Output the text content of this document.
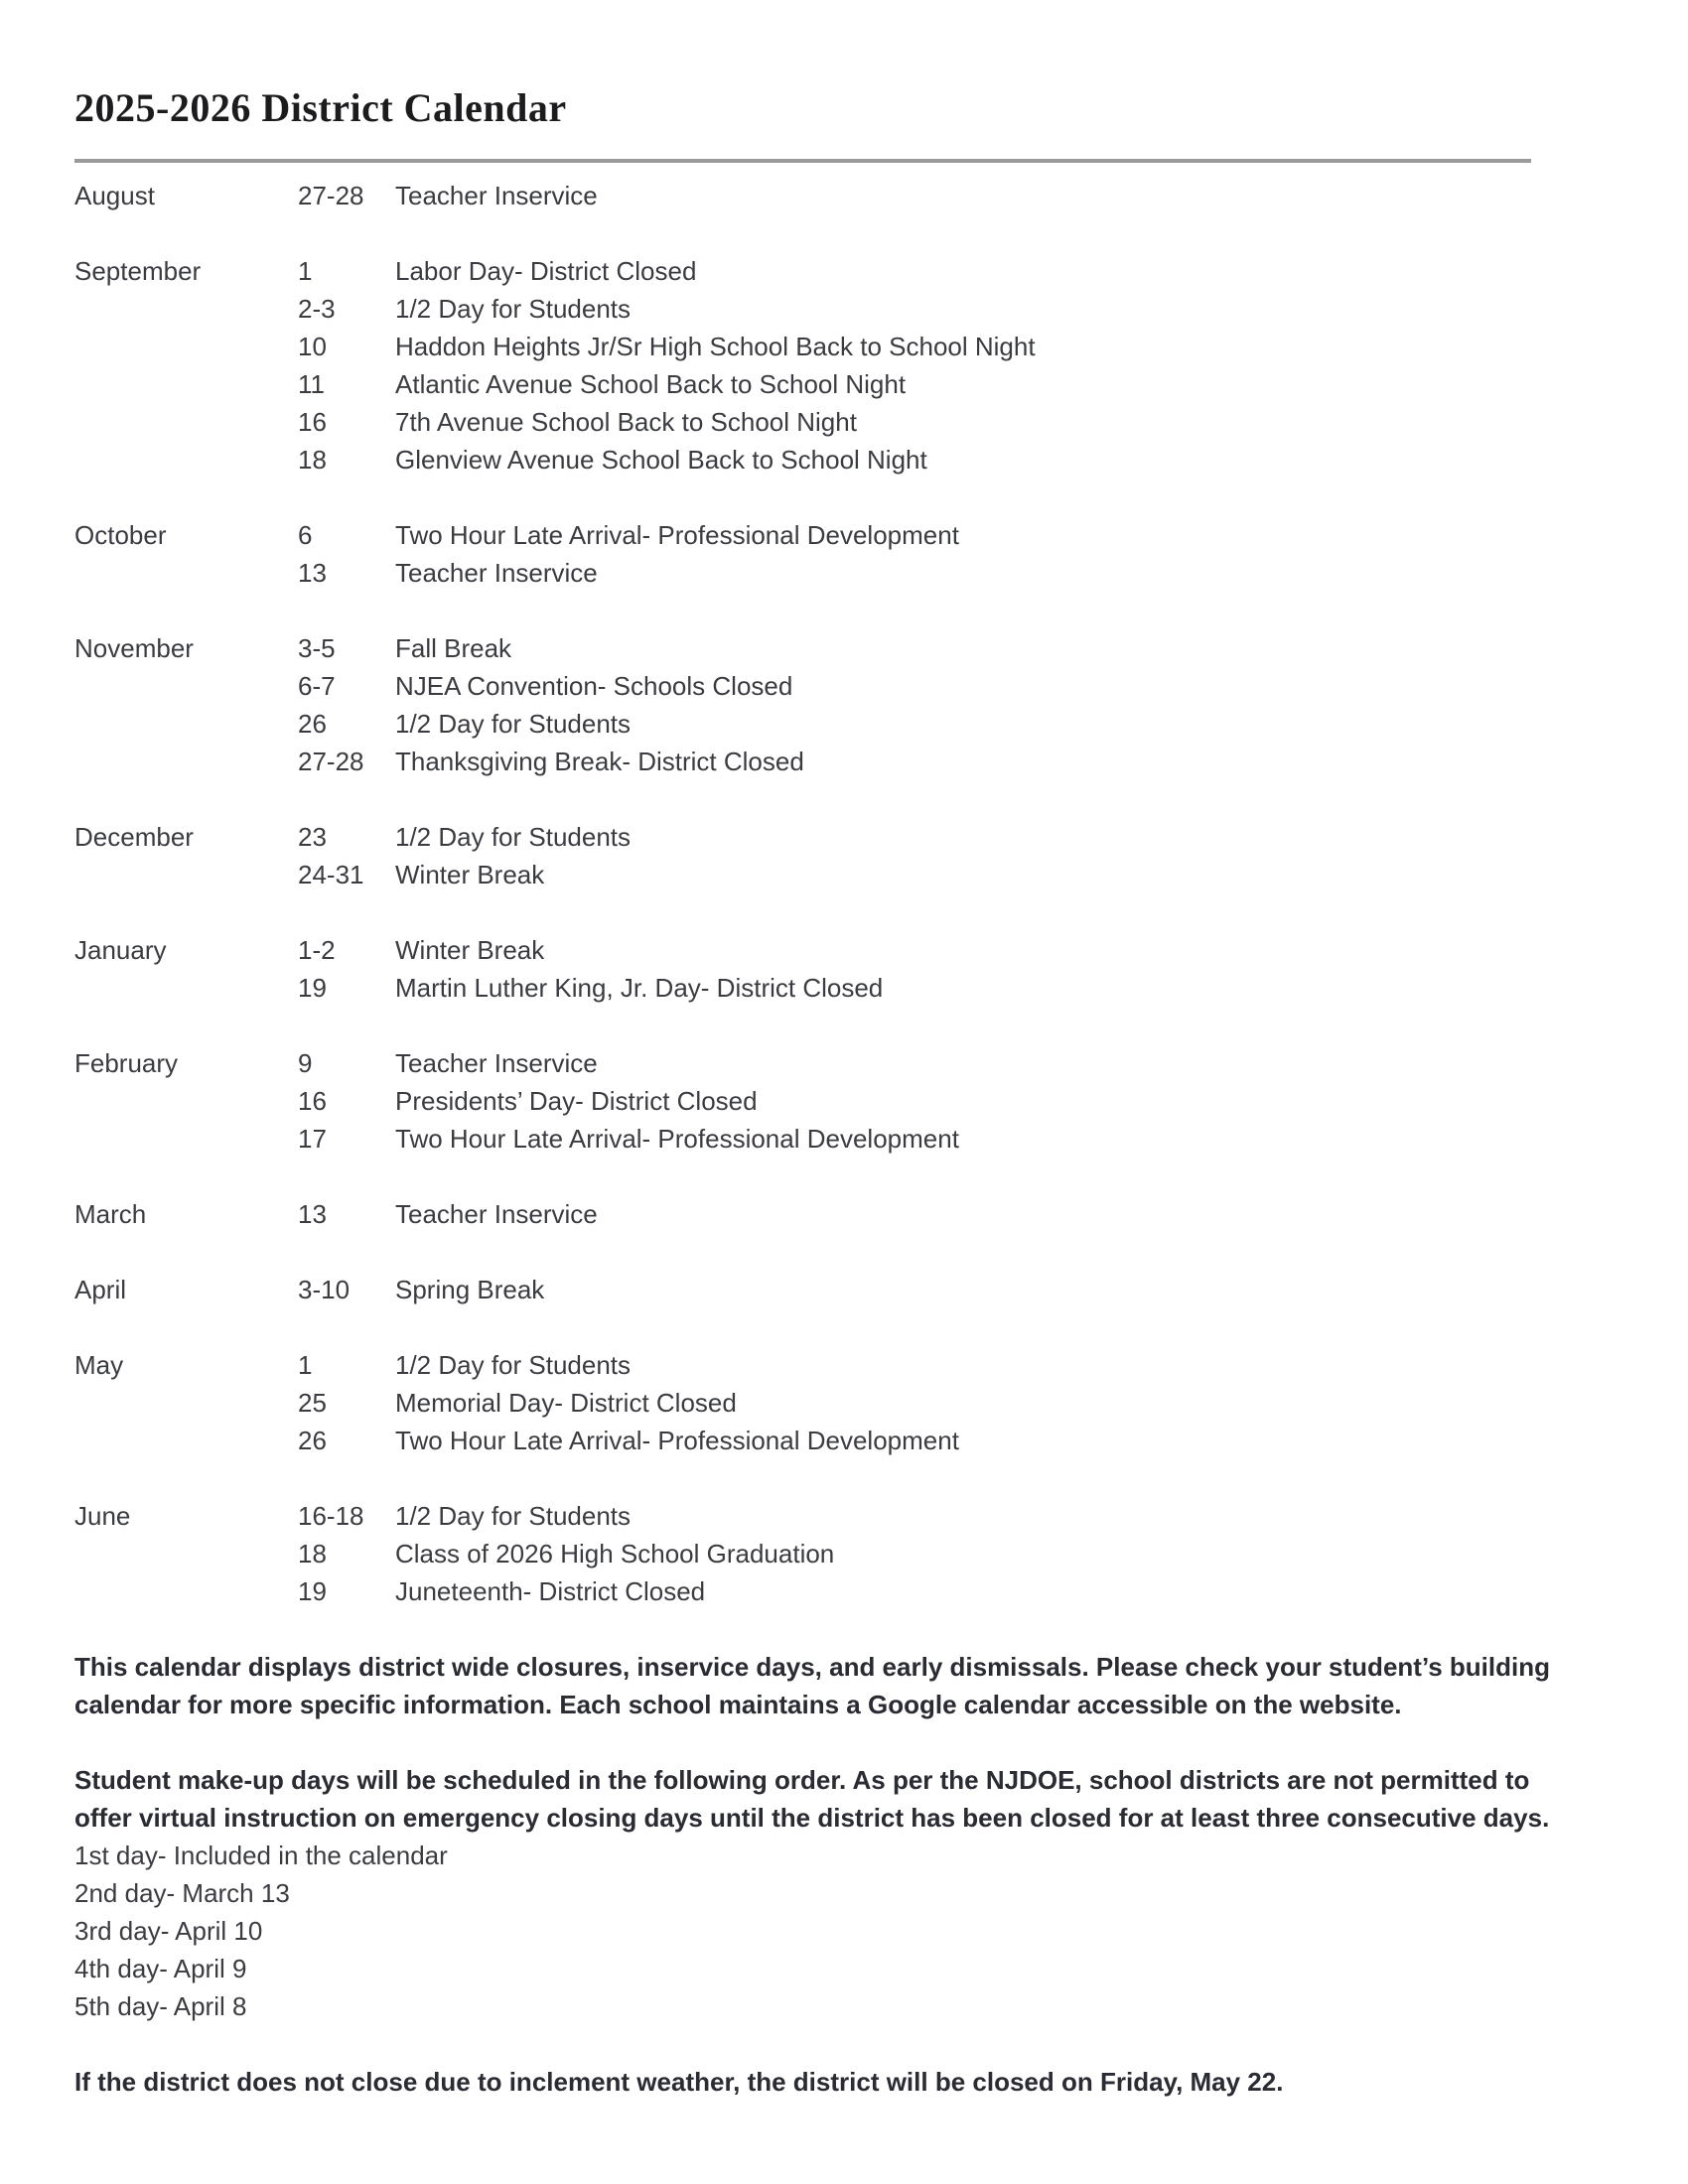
2025-2026 District Calendar
August	27-28	Teacher Inservice
September	1	Labor Day- District Closed
2-3	1/2 Day for Students
10	Haddon Heights Jr/Sr High School Back to School Night
11	Atlantic Avenue School Back to School Night
16	7th Avenue School Back to School Night
18	Glenview Avenue School Back to School Night
October	6	Two Hour Late Arrival- Professional Development
13	Teacher Inservice
November	3-5	Fall Break
6-7	NJEA Convention- Schools Closed
26	1/2 Day for Students
27-28	Thanksgiving Break- District Closed
December	23	1/2 Day for Students
24-31	Winter Break
January	1-2	Winter Break
19	Martin Luther King, Jr. Day- District Closed
February	9	Teacher Inservice
16	Presidents’ Day- District Closed
17	Two Hour Late Arrival- Professional Development
March	13	Teacher Inservice
April	3-10	Spring Break
May	1	1/2 Day for Students
25	Memorial Day- District Closed
26	Two Hour Late Arrival- Professional Development
June	16-18	1/2 Day for Students
18	Class of 2026 High School Graduation
19	Juneteenth- District Closed

This calendar displays district wide closures, inservice days, and early dismissals. Please check your student’s building calendar for more specific information. Each school maintains a Google calendar accessible on the website.

Student make-up days will be scheduled in the following order. As per the NJDOE, school districts are not permitted to offer virtual instruction on emergency closing days until the district has been closed for at least three consecutive days.

1st day- Included in the calendar
2nd day- March 13
3rd day- April 10
4th day- April 9
5th day- April 8

If the district does not close due to inclement weather, the district will be closed on Friday, May 22.
